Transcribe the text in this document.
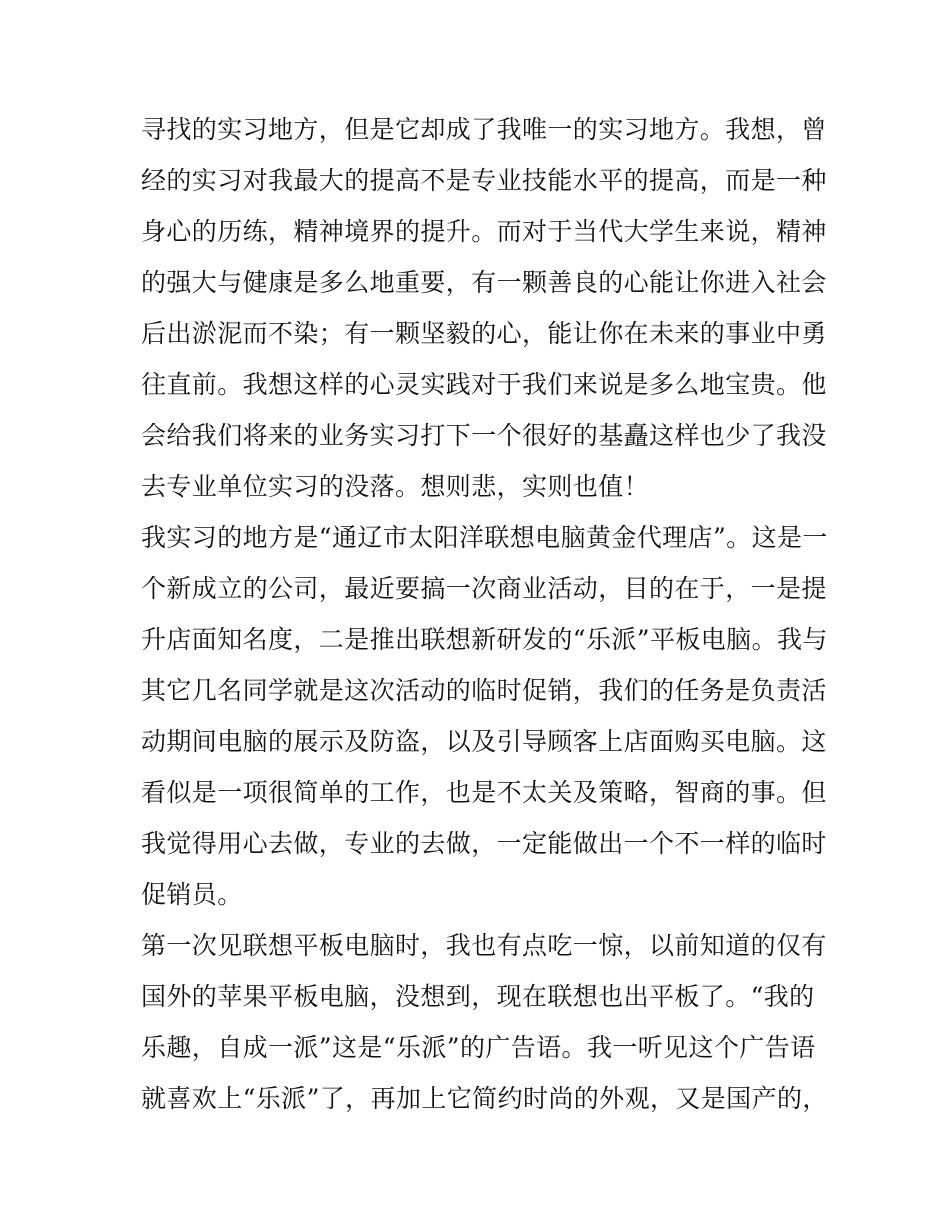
寻找的实习地方，但是它却成了我唯一的实习地方。我想，曾
经的实习对我最大的提高不是专业技能水平的提高，而是一种
身心的历练，精神境界的提升。而对于当代大学生来说，精神
的强大与健康是多么地重要，有一颗善良的心能让你进入社会
后出淤泥而不染；有一颗坚毅的心，能让你在未来的事业中勇
往直前。我想这样的心灵实践对于我们来说是多么地宝贵。他
会给我们将来的业务实习打下一个很好的基矗这样也少了我没
去专业单位实习的没落。想则悲，实则也值！
我实习的地方是“通辽市太阳洋联想电脑黄金代理店”。这是一
个新成立的公司，最近要搞一次商业活动，目的在于，一是提
升店面知名度，二是推出联想新研发的“乐派”平板电脑。我与
其它几名同学就是这次活动的临时促销，我们的任务是负责活
动期间电脑的展示及防盗，以及引导顾客上店面购买电脑。这
看似是一项很简单的工作，也是不太关及策略，智商的事。但
我觉得用心去做，专业的去做，一定能做出一个不一样的临时
促销员。
第一次见联想平板电脑时，我也有点吃一惊，以前知道的仅有
国外的苹果平板电脑，没想到，现在联想也出平板了。“我的
乐趣，自成一派”这是“乐派”的广告语。我一听见这个广告语
就喜欢上“乐派”了，再加上它简约时尚的外观，又是国产的，
